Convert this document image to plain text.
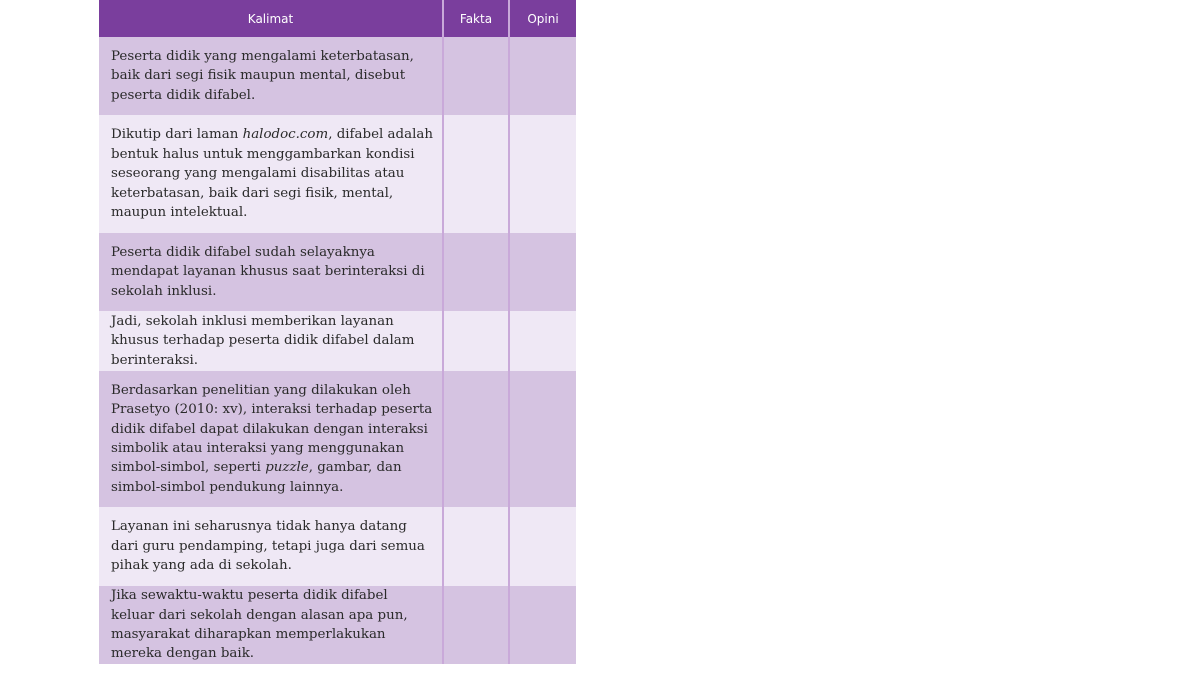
Kalimat	Fakta	Opini
Peserta didik yang mengalami keterbatasan, baik dari segi fisik maupun mental, disebut peserta didik difabel.		
Dikutip dari laman halodoc.com, difabel adalah bentuk halus untuk menggambarkan kondisi seseorang yang mengalami disabilitas atau keterbatasan, baik dari segi fisik, mental, maupun intelektual.		
Peserta didik difabel sudah selayaknya mendapat layanan khusus saat berinteraksi di sekolah inklusi.		
Jadi, sekolah inklusi memberikan layanan khusus terhadap peserta didik difabel dalam berinteraksi.		
Berdasarkan penelitian yang dilakukan oleh Prasetyo (2010: xv), interaksi terhadap peserta didik difabel dapat dilakukan dengan interaksi simbolik atau interaksi yang menggunakan simbol-simbol, seperti puzzle, gambar, dan simbol-simbol pendukung lainnya.		
Layanan ini seharusnya tidak hanya datang dari guru pendamping, tetapi juga dari semua pihak yang ada di sekolah.		
Jika sewaktu-waktu peserta didik difabel keluar dari sekolah dengan alasan apa pun, masyarakat diharapkan memperlakukan mereka dengan baik.		
